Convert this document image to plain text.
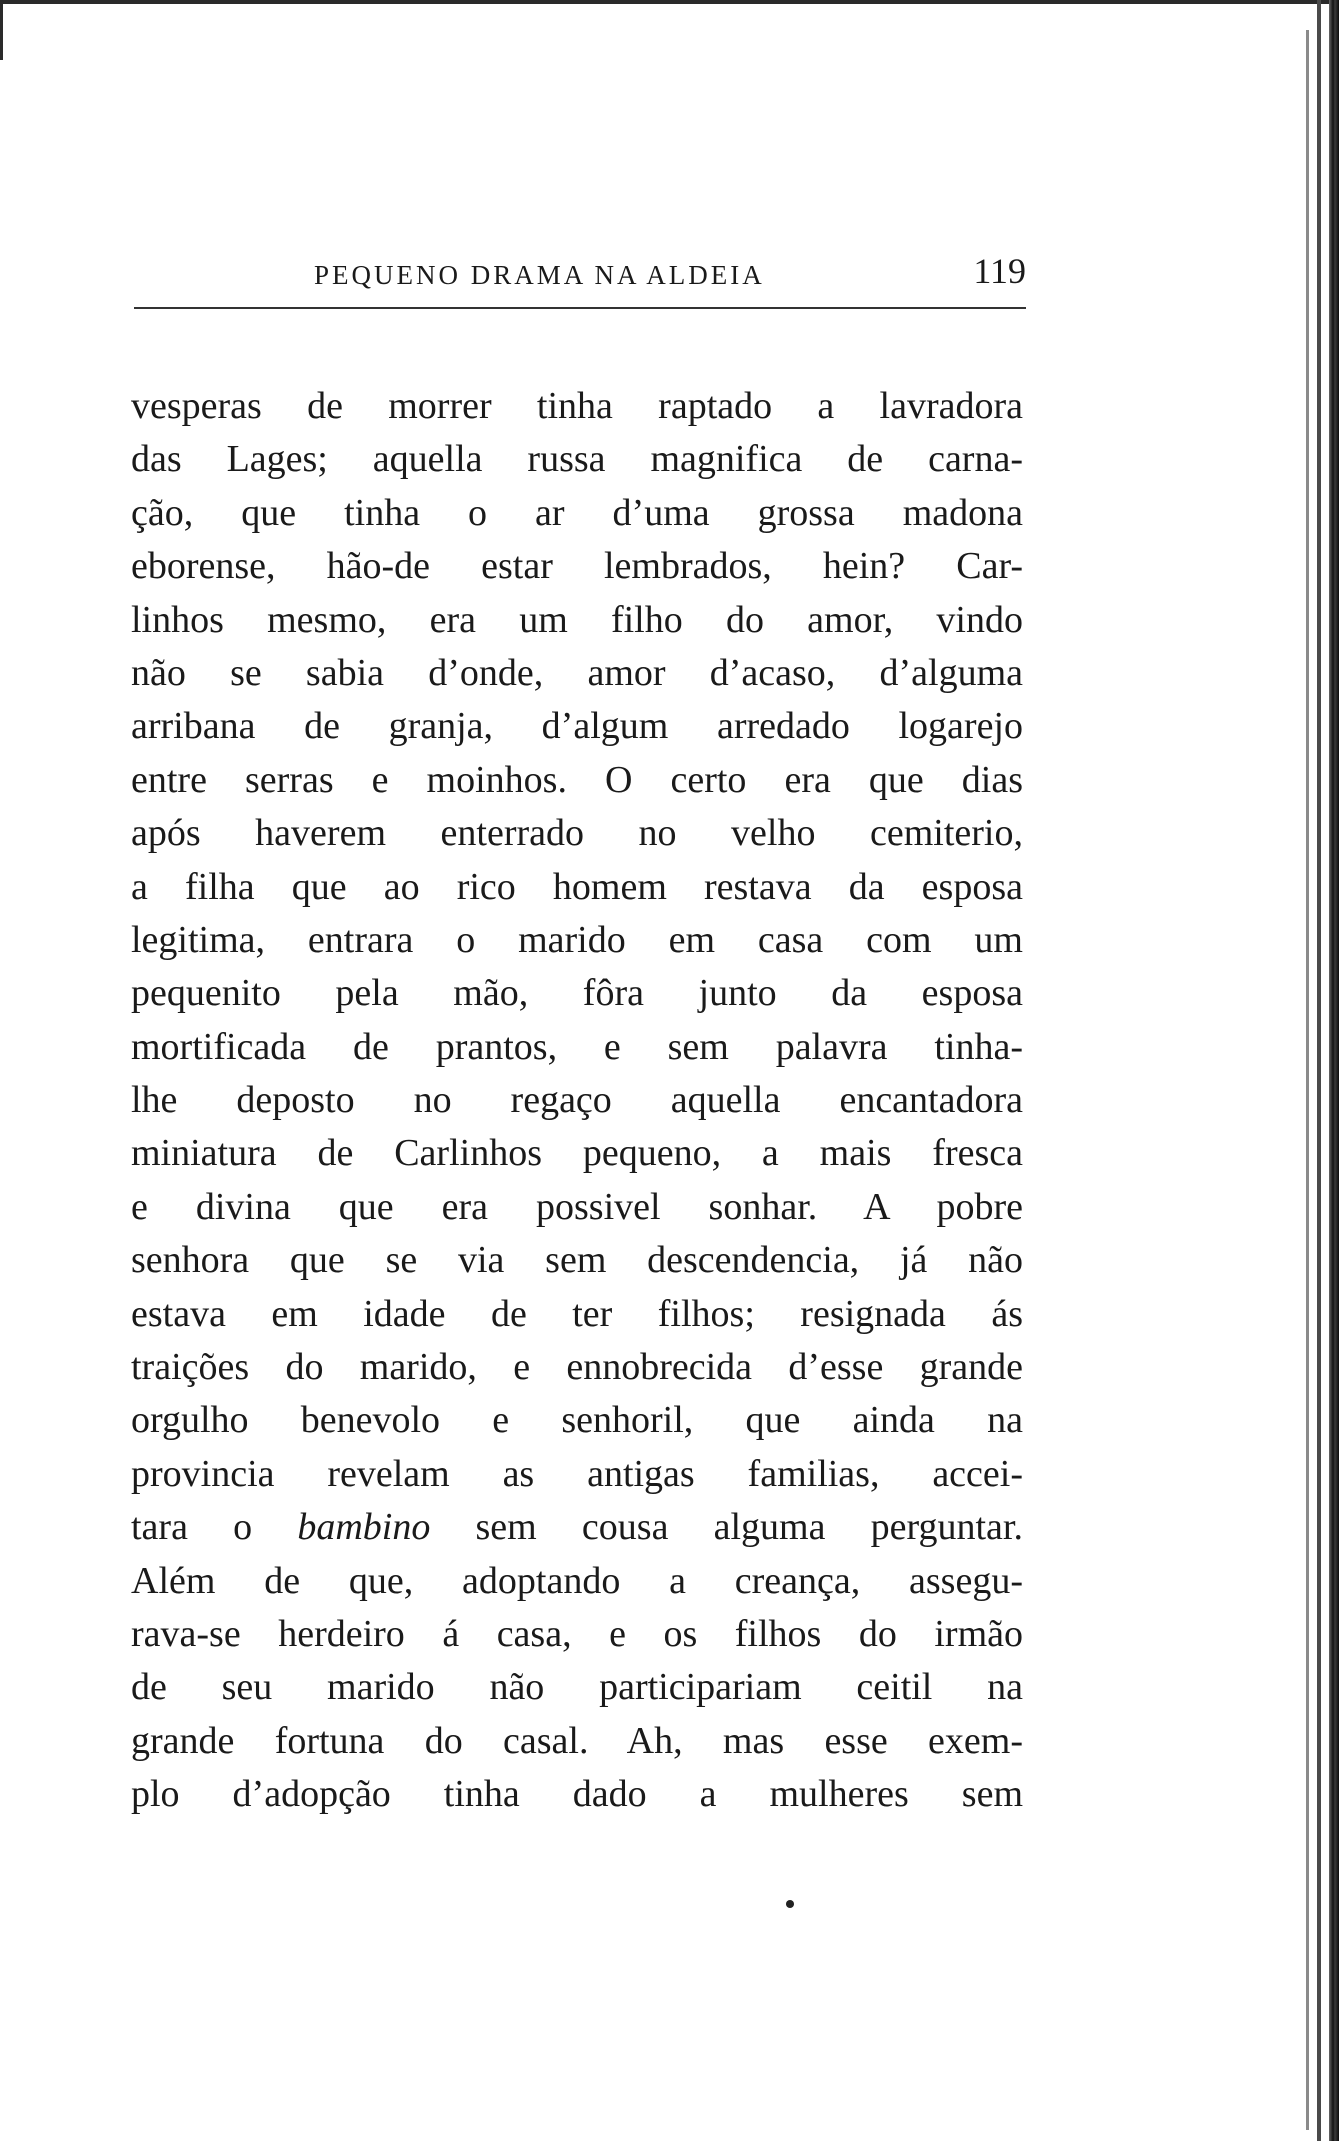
PEQUENO DRAMA NA ALDEIA	119
vesperas de morrer tinha raptado a lavradora
das Lages; aquella russa magnifica de carna-
ção, que tinha o ar d’uma grossa madona
eborense, hão-de estar lembrados, hein? Car-
linhos mesmo, era um filho do amor, vindo
não se sabia d’onde, amor d’acaso, d’alguma
arribana de granja, d’algum arredado logarejo
entre serras e moinhos. O certo era que dias
após haverem enterrado no velho cemiterio,
a filha que ao rico homem restava da esposa
legitima, entrara o marido em casa com um
pequenito pela mão, fôra junto da esposa
mortificada de prantos, e sem palavra tinha-
lhe deposto no regaço aquella encantadora
miniatura de Carlinhos pequeno, a mais fresca
e divina que era possivel sonhar. A pobre
senhora que se via sem descendencia, já não
estava em idade de ter filhos; resignada ás
traições do marido, e ennobrecida d’esse grande
orgulho benevolo e senhoril, que ainda na
provincia revelam as antigas familias, accei-
tara o bambino sem cousa alguma perguntar.
Além de que, adoptando a creança, assegu-
rava-se herdeiro á casa, e os filhos do irmão
de seu marido não participariam ceitil na
grande fortuna do casal. Ah, mas esse exem-
plo d’adopção tinha dado a mulheres sem
